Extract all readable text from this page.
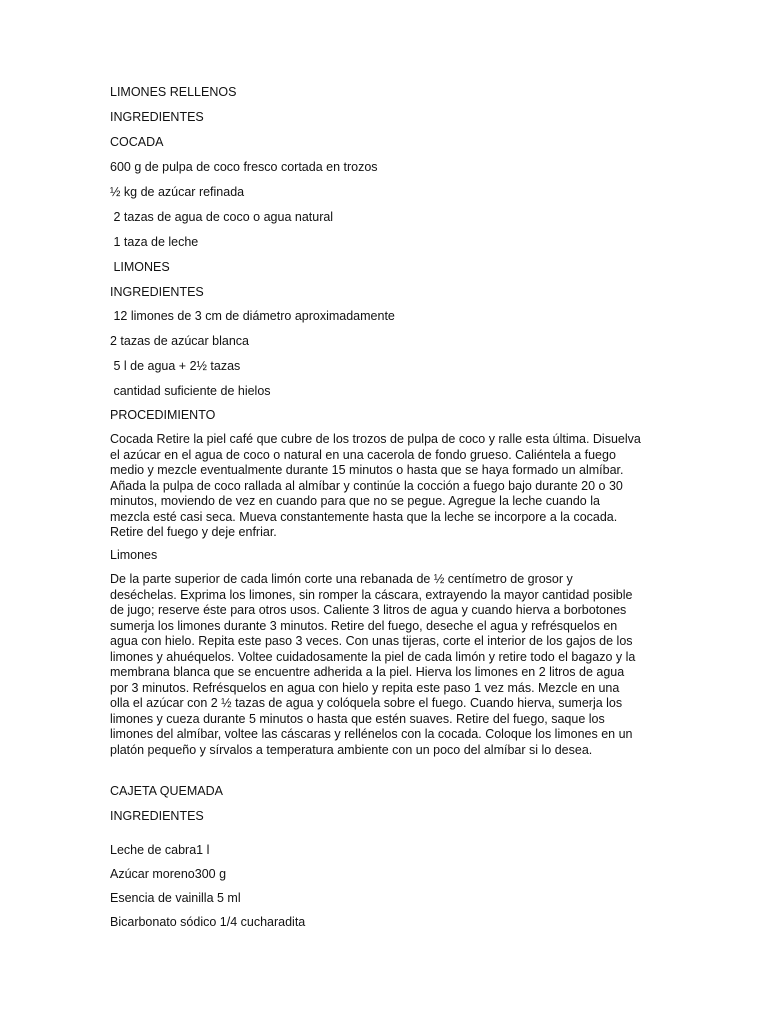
LIMONES RELLENOS

INGREDIENTES

COCADA

600 g de pulpa de coco fresco cortada en trozos

½ kg de azúcar refinada

2 tazas de agua de coco o agua natural

1 taza de leche

LIMONES

INGREDIENTES

12 limones de 3 cm de diámetro aproximadamente

2 tazas de azúcar blanca

5 l de agua + 2½ tazas

cantidad suficiente de hielos

PROCEDIMIENTO

Cocada Retire la piel café que cubre de los trozos de pulpa de coco y ralle esta última. Disuelva
el azúcar en el agua de coco o natural en una cacerola de fondo grueso. Caliéntela a fuego
medio y mezcle eventualmente durante 15 minutos o hasta que se haya formado un almíbar.
Añada la pulpa de coco rallada al almíbar y continúe la cocción a fuego bajo durante 20 o 30
minutos, moviendo de vez en cuando para que no se pegue. Agregue la leche cuando la
mezcla esté casi seca. Mueva constantemente hasta que la leche se incorpore a la cocada.
Retire del fuego y deje enfriar.

Limones

De la parte superior de cada limón corte una rebanada de ½ centímetro de grosor y
deséchelas. Exprima los limones, sin romper la cáscara, extrayendo la mayor cantidad posible
de jugo; reserve éste para otros usos. Caliente 3 litros de agua y cuando hierva a borbotones
sumerja los limones durante 3 minutos. Retire del fuego, deseche el agua y refrésquelos en
agua con hielo. Repita este paso 3 veces. Con unas tijeras, corte el interior de los gajos de los
limones y ahuéquelos. Voltee cuidadosamente la piel de cada limón y retire todo el bagazo y la
membrana blanca que se encuentre adherida a la piel. Hierva los limones en 2 litros de agua
por 3 minutos. Refrésquelos en agua con hielo y repita este paso 1 vez más. Mezcle en una
olla el azúcar con 2 ½ tazas de agua y colóquela sobre el fuego. Cuando hierva, sumerja los
limones y cueza durante 5 minutos o hasta que estén suaves. Retire del fuego, saque los
limones del almíbar, voltee las cáscaras y rellénelos con la cocada. Coloque los limones en un
platón pequeño y sírvalos a temperatura ambiente con un poco del almíbar si lo desea.

CAJETA QUEMADA

INGREDIENTES

Leche de cabra1 l

Azúcar moreno300 g

Esencia de vainilla 5 ml

Bicarbonato sódico 1/4 cucharadita
